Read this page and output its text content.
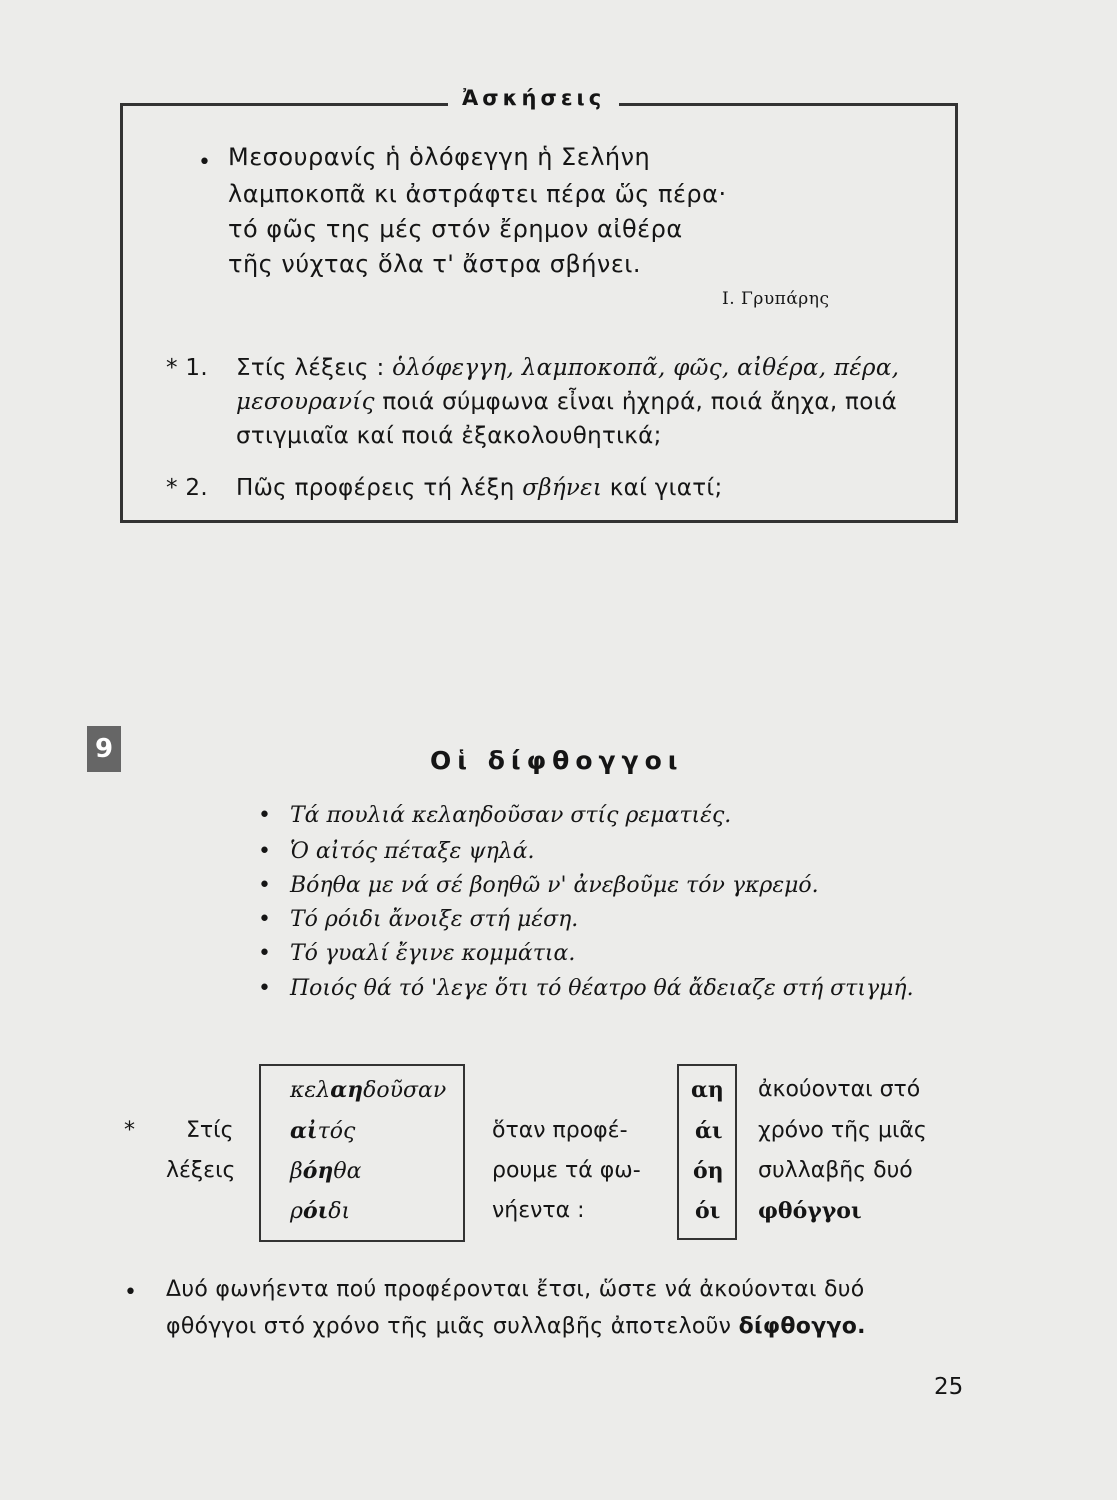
Ἀσκήσεις
• Μεσουρανίς ἡ ὁλόφεγγη ἡ Σελήνη
λαμποκοπᾶ κι ἀστράφτει πέρα ὥς πέρα·
τό φῶς της μές στόν ἔρημον αἰθέρα
τῆς νύχτας ὅλα τ' ἄστρα σβήνει.
Ι. Γρυπάρης
* 1. Στίς λέξεις : ὁλόφεγγη, λαμποκοπᾶ, φῶς, αἰθέρα, πέρα,
μεσουρανίς ποιά σύμφωνα εἶναι ἠχηρά, ποιά ἄηχα, ποιά
στιγμιαῖα καί ποιά ἐξακολουθητικά;
* 2. Πῶς προφέρεις τή λέξη σβήνει καί γιατί;
9	Οἱ δίφθογγοι
• Τά πουλιά κελαηδοῦσαν στίς ρεματιές.
• Ὁ αἰτός πέταξε ψηλά.
• Βόηθα με νά σέ βοηθῶ ν' ἀνεβοῦμε τόν γκρεμό.
• Τό ρόιδι ἄνοιξε στή μέση.
• Τό γυαλί ἔγινε κομμάτια.
• Ποιός θά τό 'λεγε ὅτι τό θέατρο θά ἄδειαζε στή στιγμή.
* Στίς
λέξεις
κελαηδοῦσαν
αἰτός
βόηθα
ρόιδι
ὅταν προφέ-
ρουμε τά φω-
νήεντα :
αη
άι
όη
όι
ἀκούονται στό
χρόνο τῆς μιᾶς
συλλαβῆς δυό
φθόγγοι
• Δυό φωνήεντα πού προφέρονται ἔτσι, ὥστε νά ἀκούονται δυό
φθόγγοι στό χρόνο τῆς μιᾶς συλλαβῆς ἀποτελοῦν δίφθογγο.
25
